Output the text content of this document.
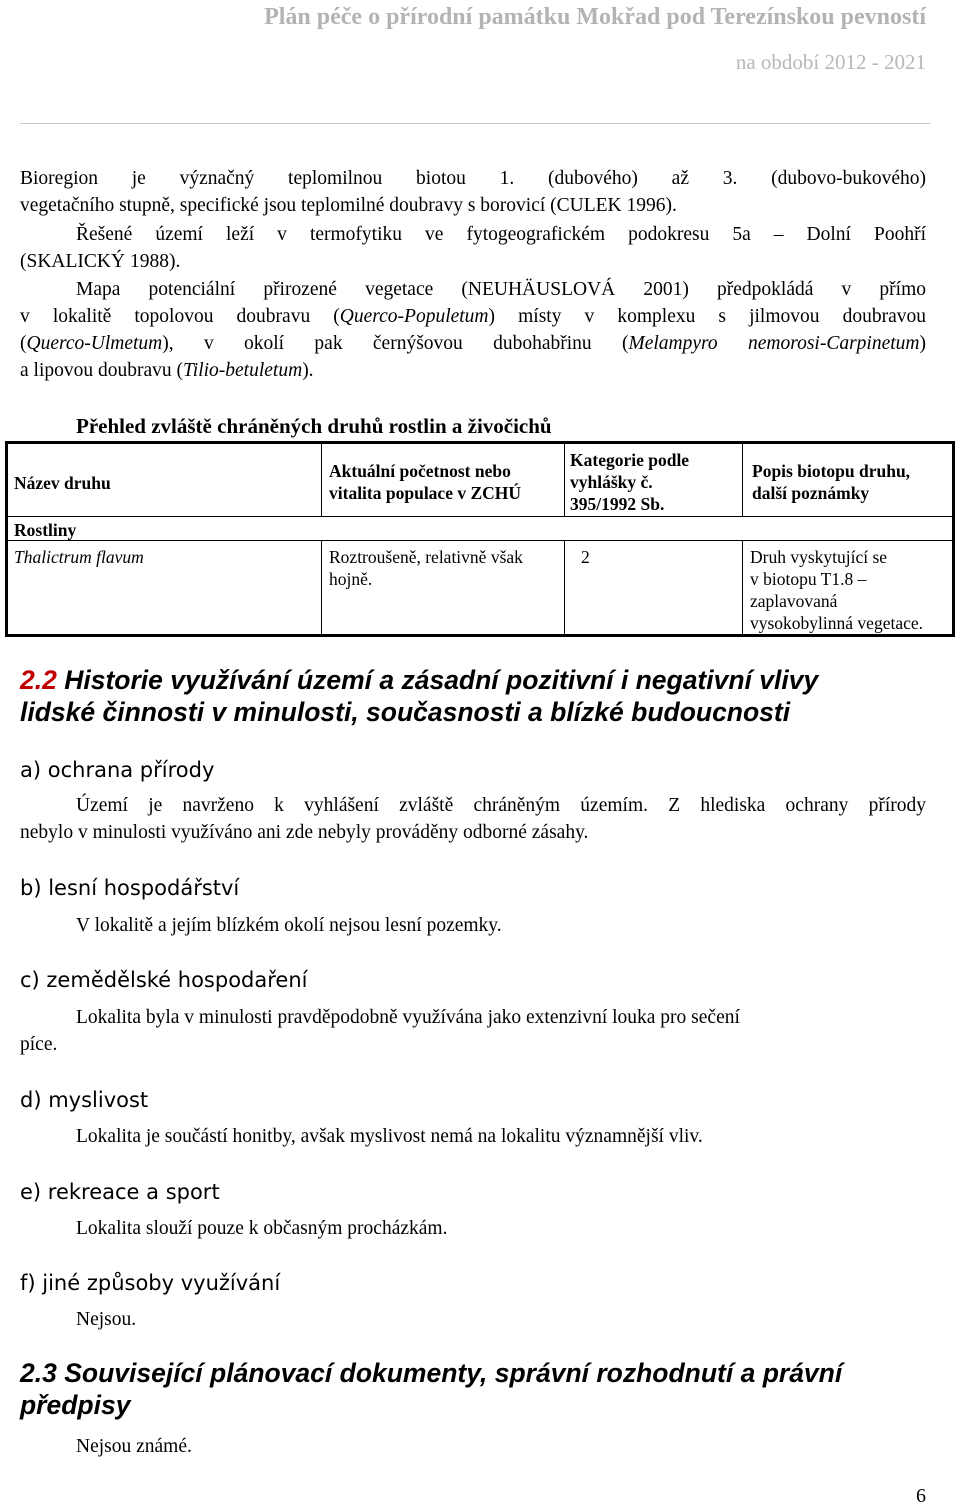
Plán péče o přírodní památku Mokřad pod Terezínskou pevností
na období 2012 - 2021
Bioregion je význačný teplomilnou biotou 1. (dubového) až 3. (dubovo-bukového)
vegetačního stupně, specifické jsou teplomilné doubravy s borovicí (CULEK 1996).
Řešené území leží v termofytiku ve fytogeografickém podokresu 5a – Dolní Poohří
(SKALICKÝ 1988).
Mapa potenciální přirozené vegetace (NEUHÄUSLOVÁ 2001) předpokládá v přímo
v lokalitě topolovou doubravu (Querco-Populetum) místy v komplexu s jilmovou doubravou
(Querco-Ulmetum), v okolí pak černýšovou dubohabřinu (Melampyro nemorosi-Carpinetum)
a lipovou doubravu (Tilio-betuletum).
Přehled zvláště chráněných druhů rostlin a živočichů
Název druhu
Aktuální početnost nebo
vitalita populace v ZCHÚ
Kategorie podle
vyhlášky č.
395/1992 Sb.
Popis biotopu druhu,
další poznámky
Rostliny
Thalictrum flavum	Roztroušeně, relativně však
hojně.
2	Druh vyskytující se
v biotopu T1.8 –
zaplavovaná
vysokobylinná vegetace.
2.2 Historie využívání území a zásadní pozitivní i negativní vlivy
lidské činnosti v minulosti, současnosti a blízké budoucnosti
a) ochrana přírody
Území je navrženo k vyhlášení zvláště chráněným územím. Z hlediska ochrany přírody
nebylo v minulosti využíváno ani zde nebyly prováděny odborné zásahy.
b) lesní hospodářství
V lokalitě a jejím blízkém okolí nejsou lesní pozemky.
c) zemědělské hospodaření
Lokalita byla v minulosti pravděpodobně využívána jako extenzivní louka pro sečení
píce.
d) myslivost
Lokalita je součástí honitby, avšak myslivost nemá na lokalitu významnější vliv.
e) rekreace a sport
Lokalita slouží pouze k občasným procházkám.
f) jiné způsoby využívání
Nejsou.
2.3 Související plánovací dokumenty, správní rozhodnutí a právní
předpisy
Nejsou známé.
6
